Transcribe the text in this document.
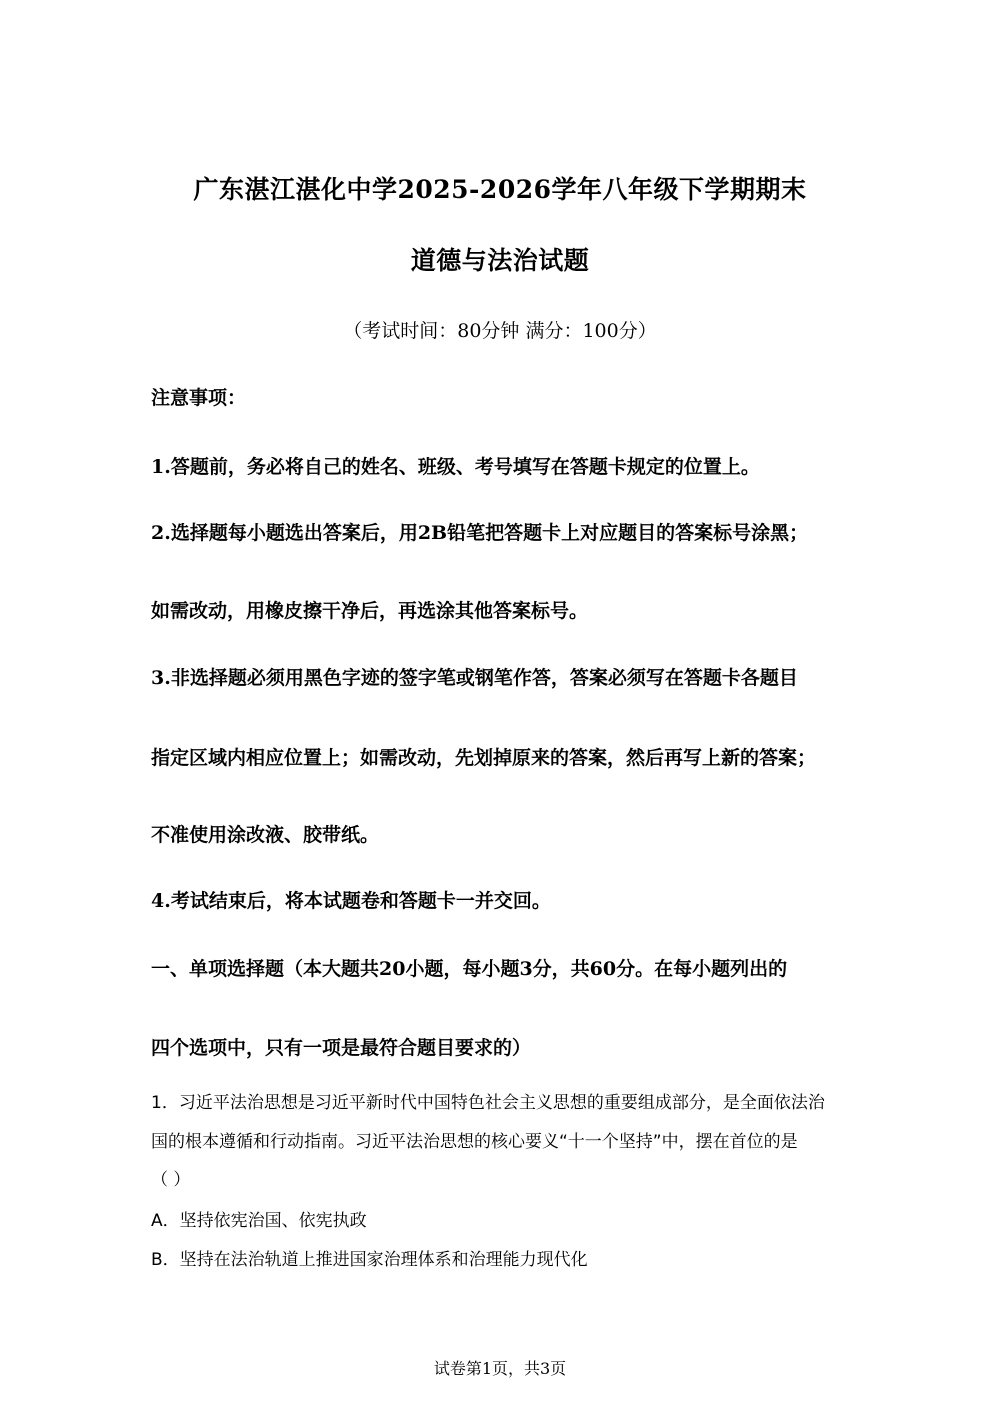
广东湛江湛化中学2025-2026学年八年级下学期期末
道德与法治试题
（考试时间：80分钟 满分：100分）
注意事项：
1.答题前，务必将自己的姓名、班级、考号填写在答题卡规定的位置上。
2.选择题每小题选出答案后，用2B铅笔把答题卡上对应题目的答案标号涂黑；
如需改动，用橡皮擦干净后，再选涂其他答案标号。
3.非选择题必须用黑色字迹的签字笔或钢笔作答，答案必须写在答题卡各题目
指定区域内相应位置上；如需改动，先划掉原来的答案，然后再写上新的答案；
不准使用涂改液、胶带纸。
4.考试结束后，将本试题卷和答题卡一并交回。
一、单项选择题（本大题共20小题，每小题3分，共60分。在每小题列出的
四个选项中，只有一项是最符合题目要求的）
1．习近平法治思想是习近平新时代中国特色社会主义思想的重要组成部分，是全面依法治
国的根本遵循和行动指南。习近平法治思想的核心要义“十一个坚持”中，摆在首位的是
（ ）
A．坚持依宪治国、依宪执政
B．坚持在法治轨道上推进国家治理体系和治理能力现代化
试卷第1页，共3页
